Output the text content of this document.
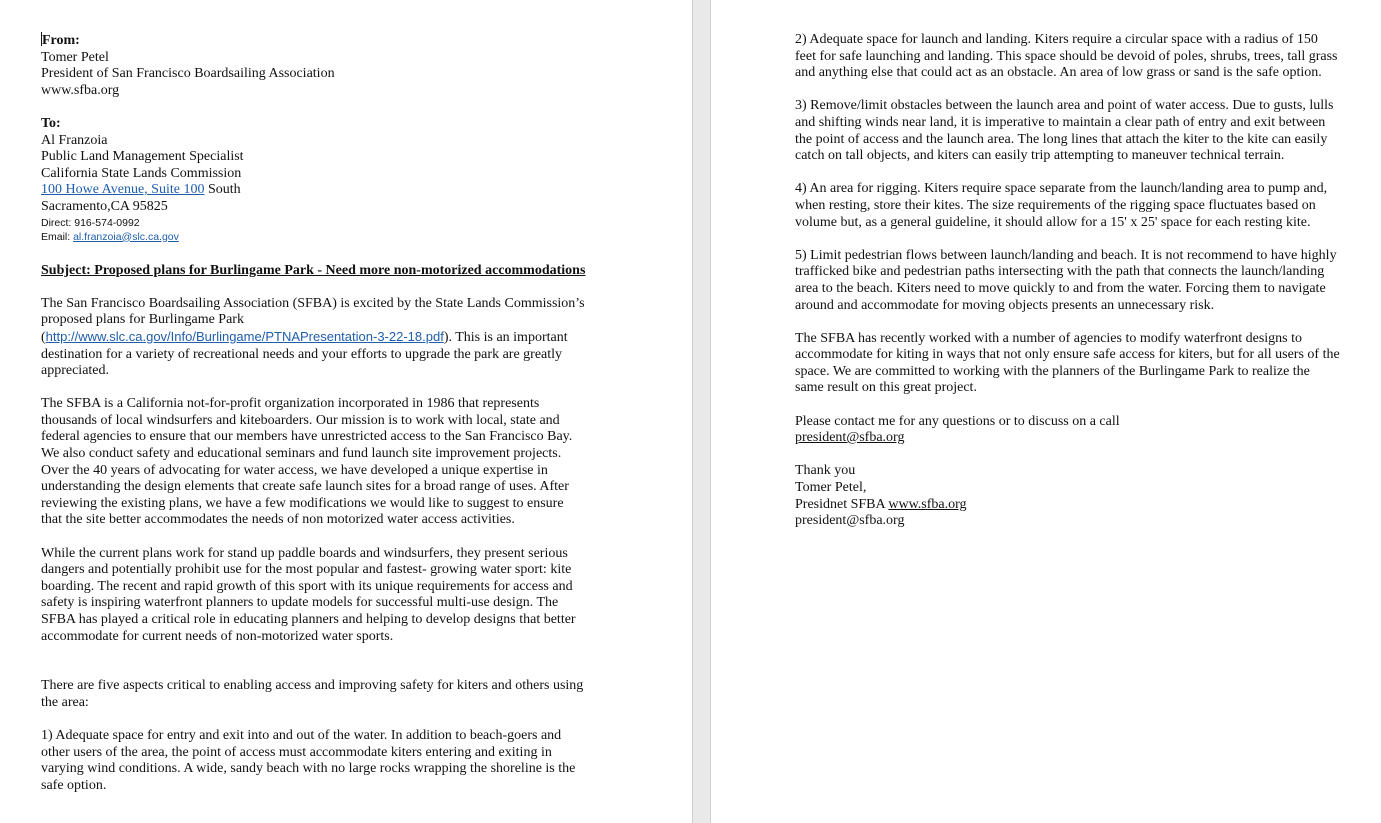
From:
Tomer Petel
President of San Francisco Boardsailing Association
www.sfba.org
To:
Al Franzoia
Public Land Management Specialist
California State Lands Commission
100 Howe Avenue, Suite 100 South
Sacramento,CA 95825
Direct: 916-574-0992
Email: al.franzoia@slc.ca.gov
Subject: Proposed plans for Burlingame Park - Need more non-motorized accommodations
The San Francisco Boardsailing Association (SFBA) is excited by the State Lands Commission’s
proposed plans for Burlingame Park
(http://www.slc.ca.gov/Info/Burlingame/PTNAPresentation-3-22-18.pdf). This is an important
destination for a variety of recreational needs and your efforts to upgrade the park are greatly
appreciated.
The SFBA is a California not-for-profit organization incorporated in 1986 that represents
thousands of local windsurfers and kiteboarders. Our mission is to work with local, state and
federal agencies to ensure that our members have unrestricted access to the San Francisco Bay.
We also conduct safety and educational seminars and fund launch site improvement projects.
Over the 40 years of advocating for water access, we have developed a unique expertise in
understanding the design elements that create safe launch sites for a broad range of uses. After
reviewing the existing plans, we have a few modifications we would like to suggest to ensure
that the site better accommodates the needs of non motorized water access activities.
While the current plans work for stand up paddle boards and windsurfers, they present serious
dangers and potentially prohibit use for the most popular and fastest- growing water sport: kite
boarding. The recent and rapid growth of this sport with its unique requirements for access and
safety is inspiring waterfront planners to update models for successful multi-use design. The
SFBA has played a critical role in educating planners and helping to develop designs that better
accommodate for current needs of non-motorized water sports.
There are five aspects critical to enabling access and improving safety for kiters and others using
the area:
1) Adequate space for entry and exit into and out of the water. In addition to beach-goers and
other users of the area, the point of access must accommodate kiters entering and exiting in
varying wind conditions. A wide, sandy beach with no large rocks wrapping the shoreline is the
safe option.
2) Adequate space for launch and landing. Kiters require a circular space with a radius of 150
feet for safe launching and landing. This space should be devoid of poles, shrubs, trees, tall grass
and anything else that could act as an obstacle. An area of low grass or sand is the safe option.
3) Remove/limit obstacles between the launch area and point of water access. Due to gusts, lulls
and shifting winds near land, it is imperative to maintain a clear path of entry and exit between
the point of access and the launch area. The long lines that attach the kiter to the kite can easily
catch on tall objects, and kiters can easily trip attempting to maneuver technical terrain.
4) An area for rigging. Kiters require space separate from the launch/landing area to pump and,
when resting, store their kites. The size requirements of the rigging space fluctuates based on
volume but, as a general guideline, it should allow for a 15' x 25' space for each resting kite.
5) Limit pedestrian flows between launch/landing and beach. It is not recommend to have highly
trafficked bike and pedestrian paths intersecting with the path that connects the launch/landing
area to the beach. Kiters need to move quickly to and from the water. Forcing them to navigate
around and accommodate for moving objects presents an unnecessary risk.
The SFBA has recently worked with a number of agencies to modify waterfront designs to
accommodate for kiting in ways that not only ensure safe access for kiters, but for all users of the
space. We are committed to working with the planners of the Burlingame Park to realize the
same result on this great project.
Please contact me for any questions or to discuss on a call
president@sfba.org
Thank you
Tomer Petel,
Presidnet SFBA www.sfba.org
president@sfba.org
